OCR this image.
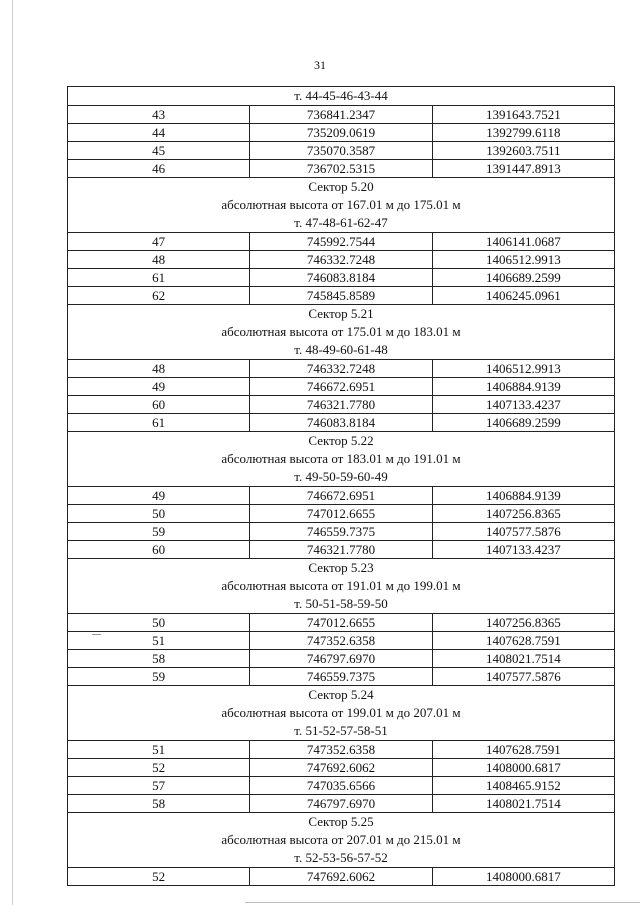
31
т. 44-45-46-43-44		

43	736841.2347	1391643.7521
44	735209.0619	1392799.6118
45	735070.3587	1392603.7511
46	736702.5315	1391447.8913

Сектор 5.20
абсолютная высота от 167.01 м до 175.01 м
т. 47-48-61-62-47		

47	745992.7544	1406141.0687
48	746332.7248	1406512.9913
61	746083.8184	1406689.2599
62	745845.8589	1406245.0961

Сектор 5.21
абсолютная высота от 175.01 м до 183.01 м
т. 48-49-60-61-48		

48	746332.7248	1406512.9913
49	746672.6951	1406884.9139
60	746321.7780	1407133.4237
61	746083.8184	1406689.2599

Сектор 5.22
абсолютная высота от 183.01 м до 191.01 м
т. 49-50-59-60-49		

49	746672.6951	1406884.9139
50	747012.6655	1407256.8365
59	746559.7375	1407577.5876
60	746321.7780	1407133.4237

Сектор 5.23
абсолютная высота от 191.01 м до 199.01 м
т. 50-51-58-59-50		

50	747012.6655	1407256.8365
51	747352.6358	1407628.7591
58	746797.6970	1408021.7514
59	746559.7375	1407577.5876

Сектор 5.24
абсолютная высота от 199.01 м до 207.01 м
т. 51-52-57-58-51		

51	747352.6358	1407628.7591
52	747692.6062	1408000.6817
57	747035.6566	1408465.9152
58	746797.6970	1408021.7514

Сектор 5.25
абсолютная высота от 207.01 м до 215.01 м
т. 52-53-56-57-52		

52	747692.6062	1408000.6817
